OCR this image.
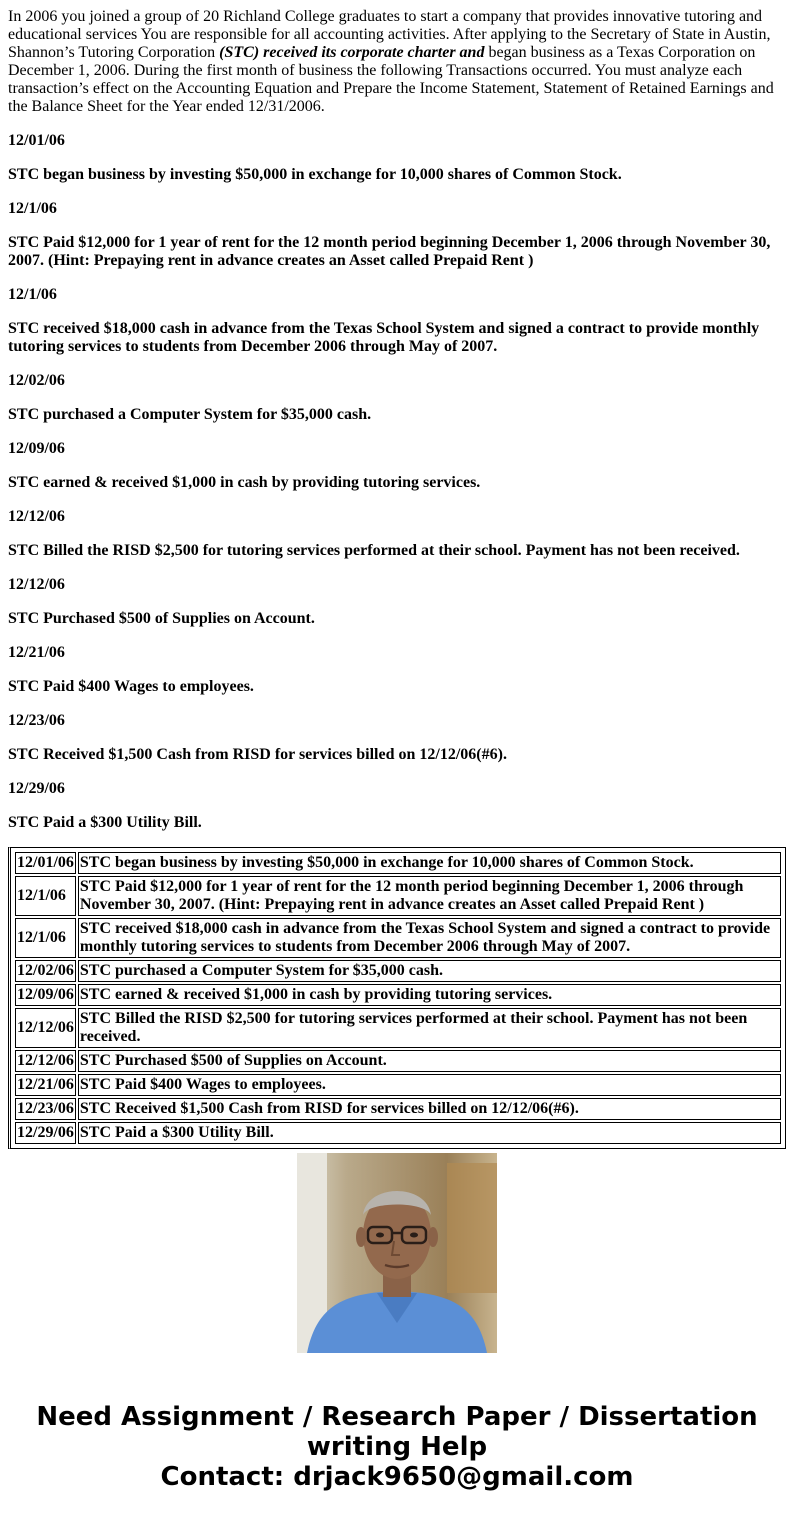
In 2006 you joined a group of 20 Richland College graduates to start a company that provides innovative tutoring and educational services You are responsible for all accounting activities. After applying to the Secretary of State in Austin, Shannon’s Tutoring Corporation (STC) received its corporate charter and began business as a Texas Corporation on December 1, 2006. During the first month of business the following Transactions occurred. You must analyze each transaction’s effect on the Accounting Equation and Prepare the Income Statement, Statement of Retained Earnings and the Balance Sheet for the Year ended 12/31/2006.

12/01/06

STC began business by investing $50,000 in exchange for 10,000 shares of Common Stock.

12/1/06

STC Paid $12,000 for 1 year of rent for the 12 month period beginning December 1, 2006 through November 30, 2007. (Hint: Prepaying rent in advance creates an Asset called Prepaid Rent )

12/1/06

STC received $18,000 cash in advance from the Texas School System and signed a contract to provide monthly tutoring services to students from December 2006 through May of 2007.

12/02/06

STC purchased a Computer System for $35,000 cash.

12/09/06

STC earned & received $1,000 in cash by providing tutoring services.

12/12/06

STC Billed the RISD $2,500 for tutoring services performed at their school. Payment has not been received.

12/12/06

STC Purchased $500 of Supplies on Account.

12/21/06

STC Paid $400 Wages to employees.

12/23/06

STC Received $1,500 Cash from RISD for services billed on 12/12/06(#6).

12/29/06

STC Paid a $300 Utility Bill.

12/01/06	STC began business by investing $50,000 in exchange for 10,000 shares of Common Stock.
12/1/06	STC Paid $12,000 for 1 year of rent for the 12 month period beginning December 1, 2006 through November 30, 2007. (Hint: Prepaying rent in advance creates an Asset called Prepaid Rent )
12/1/06	STC received $18,000 cash in advance from the Texas School System and signed a contract to provide monthly tutoring services to students from December 2006 through May of 2007.
12/02/06	STC purchased a Computer System for $35,000 cash.
12/09/06	STC earned & received $1,000 in cash by providing tutoring services.
12/12/06	STC Billed the RISD $2,500 for tutoring services performed at their school. Payment has not been received.
12/12/06	STC Purchased $500 of Supplies on Account.
12/21/06	STC Paid $400 Wages to employees.
12/23/06	STC Received $1,500 Cash from RISD for services billed on 12/12/06(#6).
12/29/06	STC Paid a $300 Utility Bill.
Need Assignment / Research Paper / Dissertation
writing Help
Contact: drjack9650@gmail.com
